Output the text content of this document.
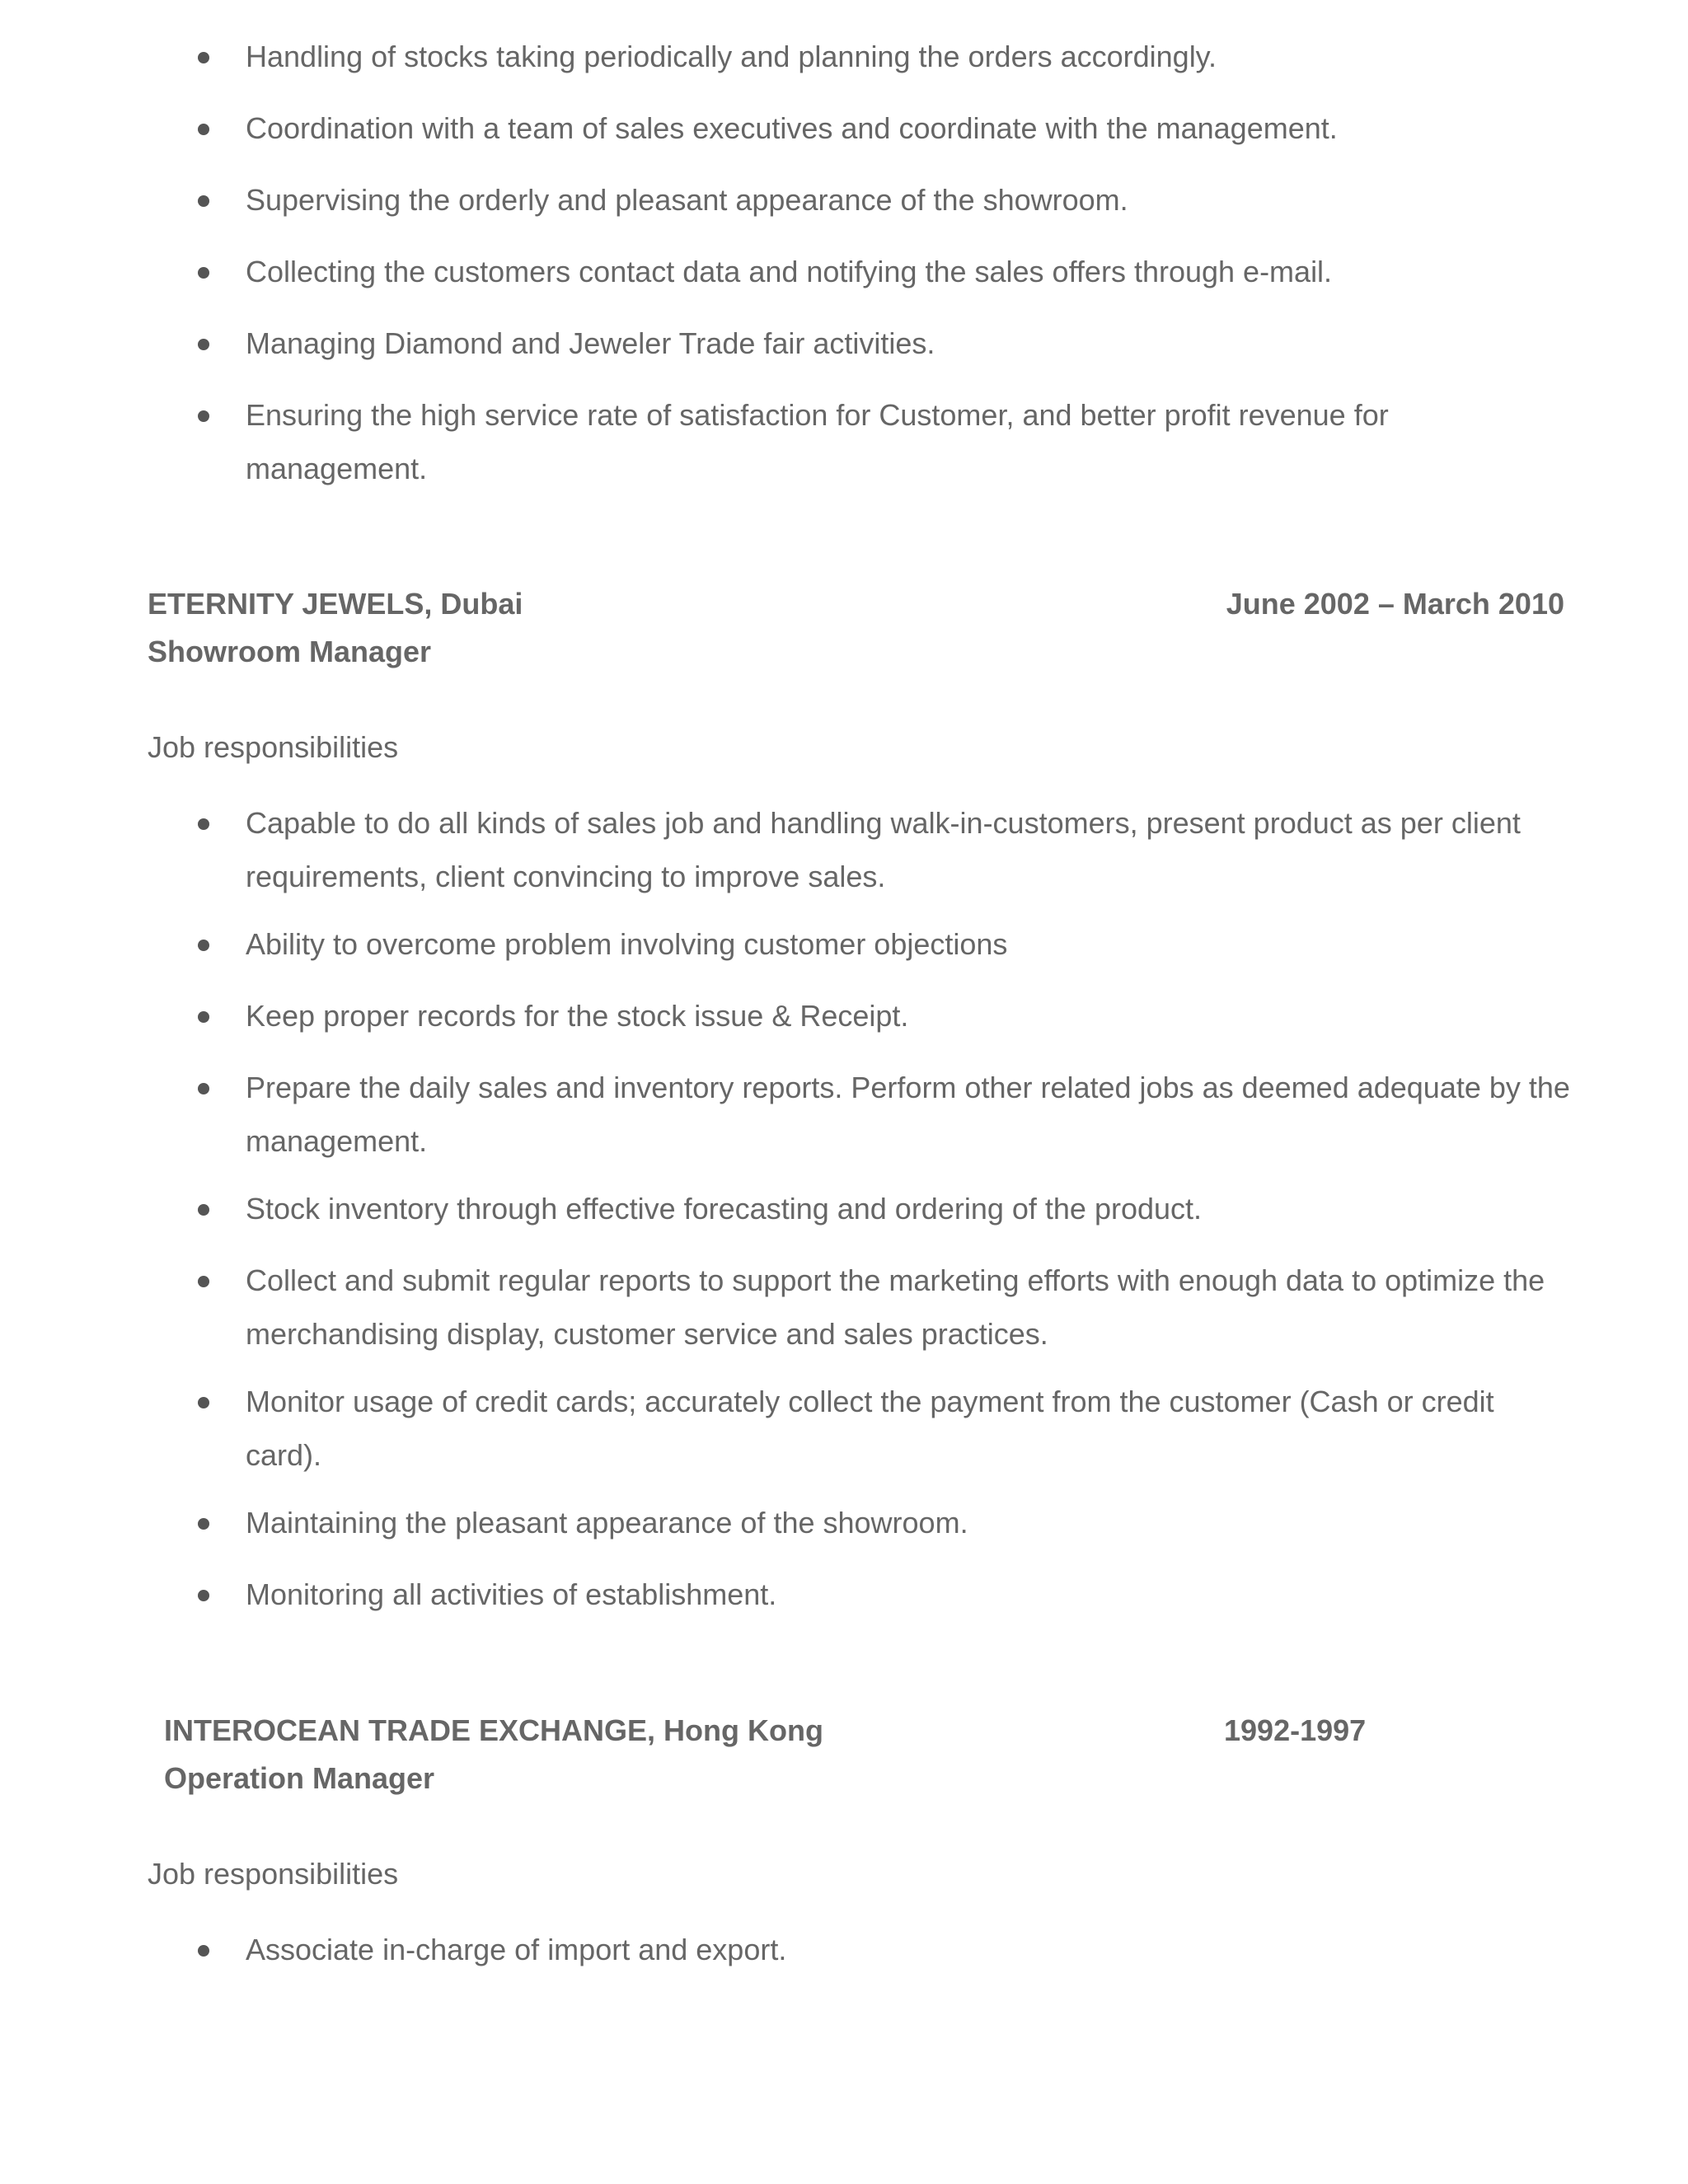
Handling of stocks taking periodically and planning the orders accordingly.
Coordination with a team of sales executives and coordinate with the management.
Supervising the orderly and pleasant appearance of the showroom.
Collecting the customers contact data and notifying the sales offers through e-mail.
Managing Diamond and Jeweler Trade fair activities.
Ensuring the high service rate of satisfaction for Customer, and better profit revenue for management.
ETERNITY JEWELS, Dubai	June 2002 – March 2010
Showroom Manager
Job responsibilities
Capable to do all kinds of sales job and handling walk-in-customers, present product as per client requirements, client convincing to improve sales.
Ability to overcome problem involving customer objections
Keep proper records for the stock issue & Receipt.
Prepare the daily sales and inventory reports. Perform other related jobs as deemed adequate by the management.
Stock inventory through effective forecasting and ordering of the product.
Collect and submit regular reports to support the marketing efforts with enough data to optimize the merchandising display, customer service and sales practices.
Monitor usage of credit cards; accurately collect the payment from the customer (Cash or credit card).
Maintaining the pleasant appearance of the showroom.
Monitoring all activities of establishment.
INTEROCEAN TRADE EXCHANGE, Hong Kong	1992-1997
Operation Manager
Job responsibilities
Associate in-charge of import and export.
